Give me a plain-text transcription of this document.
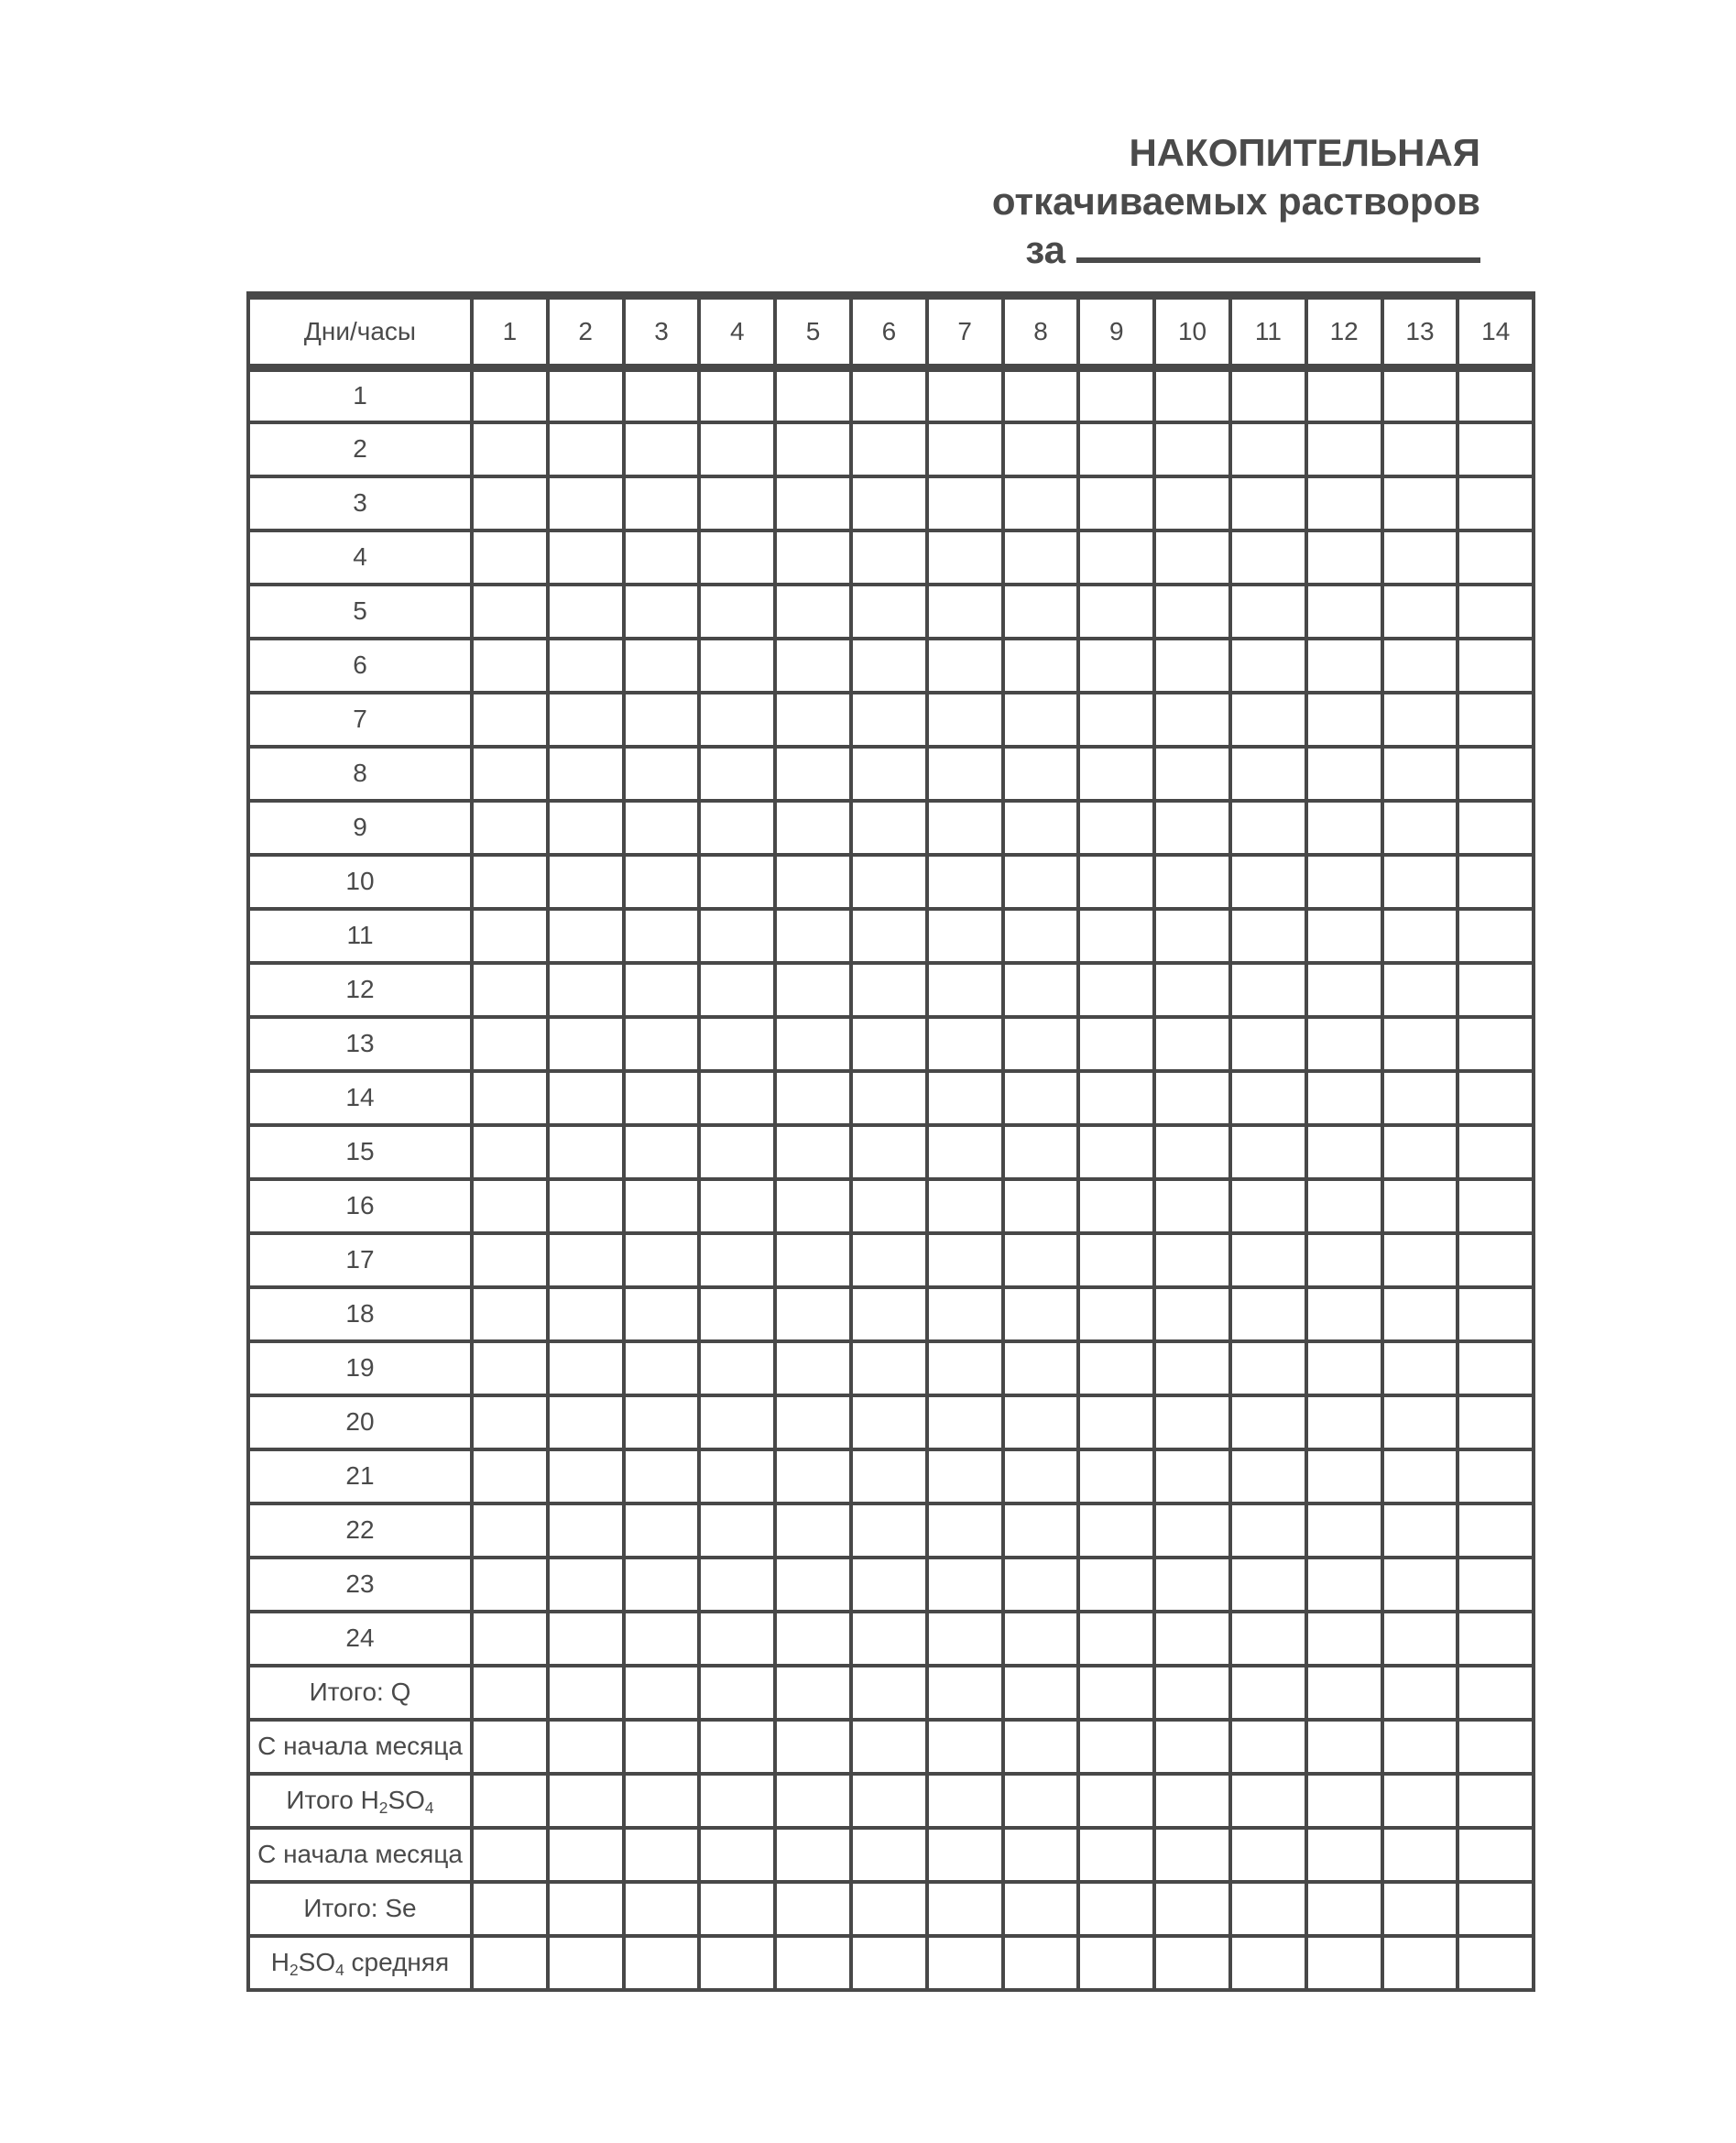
НАКОПИТЕЛЬНАЯ
откачиваемых растворов
за
Дни/часы	1	2	3	4	5	6	7	8	9	10	11	12	13	14
1														
2														
3														
4														
5														
6														
7														
8														
9														
10														
11														
12														
13														
14														
15														
16														
17														
18														
19														
20														
21														
22														
23														
24														
Итого: Q														
С начала месяца														
Итого $H_2SO_4$														
С начала месяца														
Итого: Se														
$H_2SO_4$ средняя														
